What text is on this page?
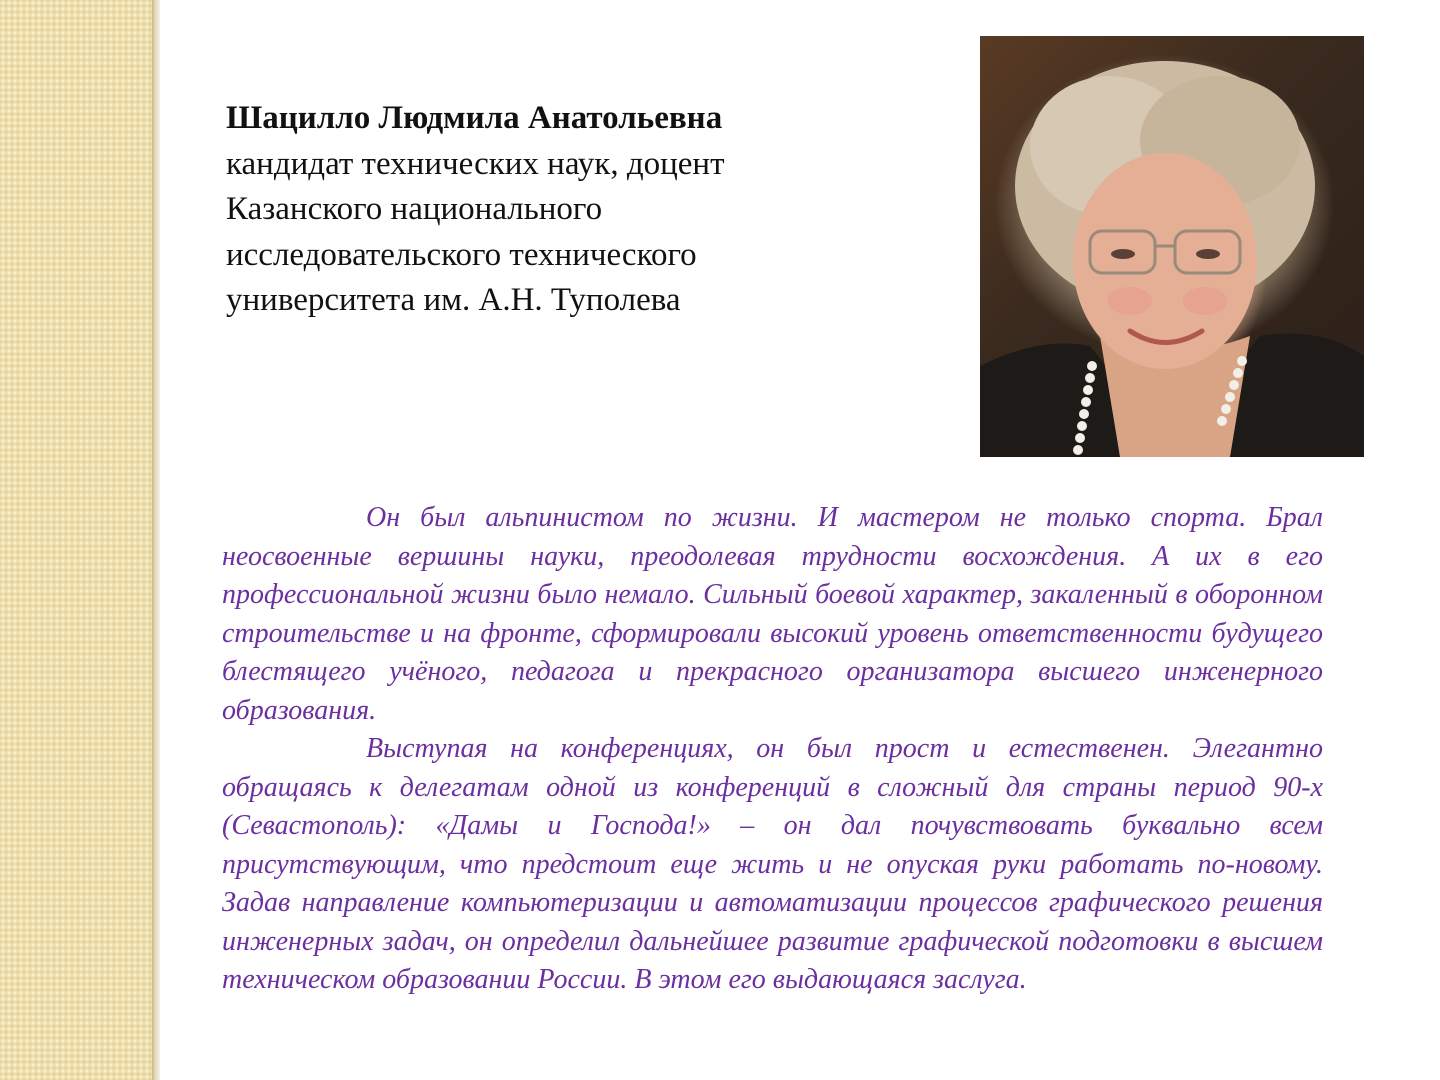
Шацилло Людмила Анатольевна
кандидат технических наук, доцент
Казанского национального
исследовательского технического
университета им. А.Н. Туполева

Он был альпинистом по жизни. И мастером не только спорта. Брал неосвоенные вершины науки, преодолевая трудности восхождения. А их в его профессиональной жизни было немало. Сильный боевой характер, закаленный в оборонном строительстве и на фронте, сформировали высокий уровень ответственности будущего блестящего учёного, педагога и прекрасного организатора высшего инженерного образования.

Выступая на конференциях, он был прост и естественен. Элегантно обращаясь к делегатам одной из конференций в сложный для страны период 90-х (Севастополь): «Дамы и Господа!» – он дал почувствовать буквально всем присутствующим, что предстоит еще жить и не опуская руки работать по-новому. Задав направление компьютеризации и автоматизации процессов графического решения инженерных задач, он определил дальнейшее развитие графической подготовки в высшем техническом образовании России. В этом его выдающаяся заслуга.
